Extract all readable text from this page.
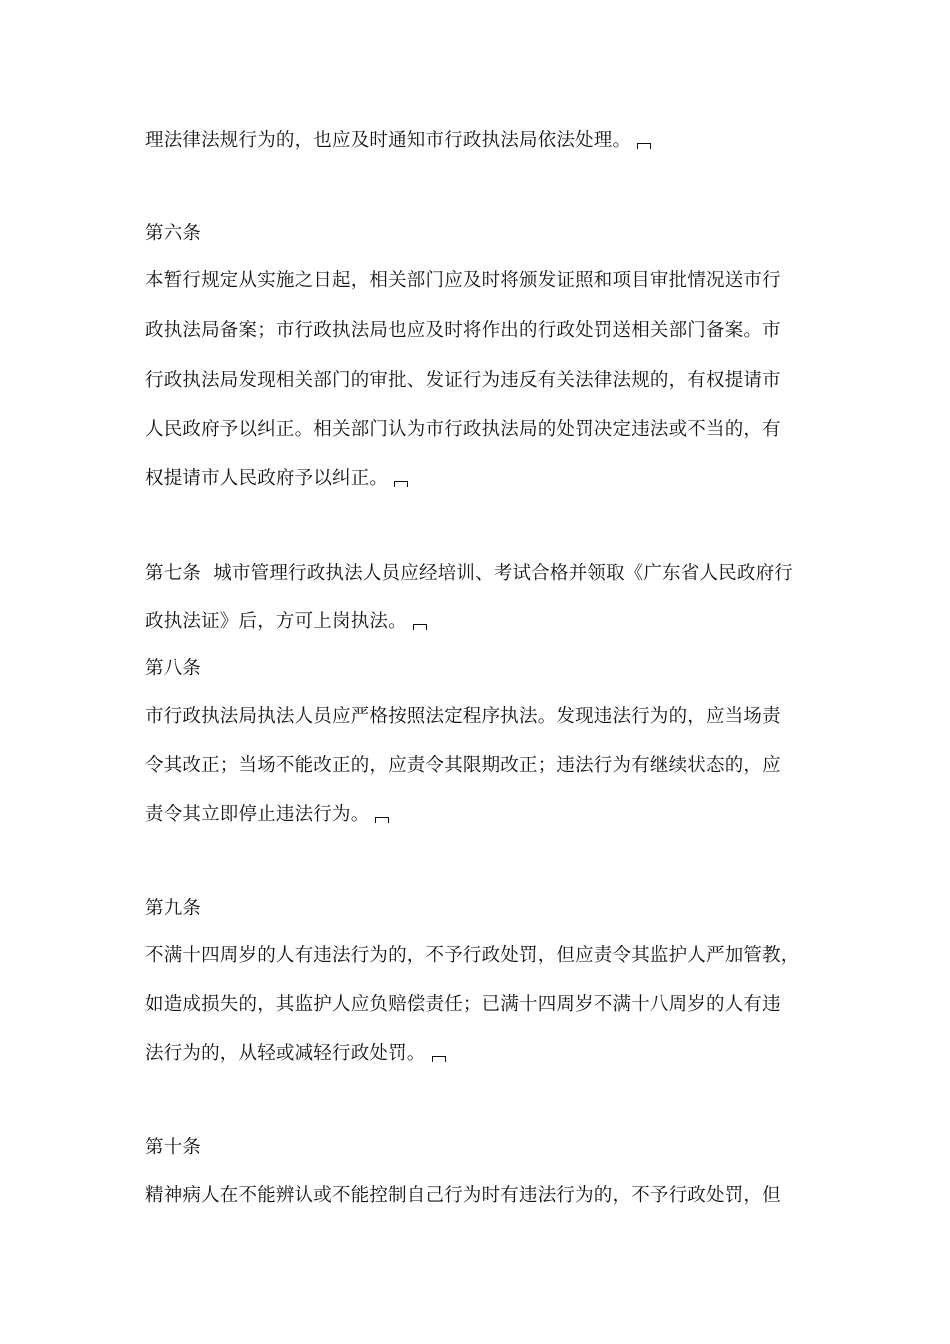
理法律法规行为的，也应及时通知市行政执法局依法处理。
第六条
本暂行规定从实施之日起，相关部门应及时将颁发证照和项目审批情况送市行
政执法局备案；市行政执法局也应及时将作出的行政处罚送相关部门备案。市
行政执法局发现相关部门的审批、发证行为违反有关法律法规的，有权提请市
人民政府予以纠正。相关部门认为市行政执法局的处罚决定违法或不当的，有
权提请市人民政府予以纠正。
第七条  城市管理行政执法人员应经培训、考试合格并领取《广东省人民政府行
政执法证》后，方可上岗执法。
第八条
市行政执法局执法人员应严格按照法定程序执法。发现违法行为的，应当场责
令其改正；当场不能改正的，应责令其限期改正；违法行为有继续状态的，应
责令其立即停止违法行为。
第九条
不满十四周岁的人有违法行为的，不予行政处罚，但应责令其监护人严加管教，
如造成损失的，其监护人应负赔偿责任；已满十四周岁不满十八周岁的人有违
法行为的，从轻或减轻行政处罚。
第十条
精神病人在不能辨认或不能控制自己行为时有违法行为的，不予行政处罚，但
